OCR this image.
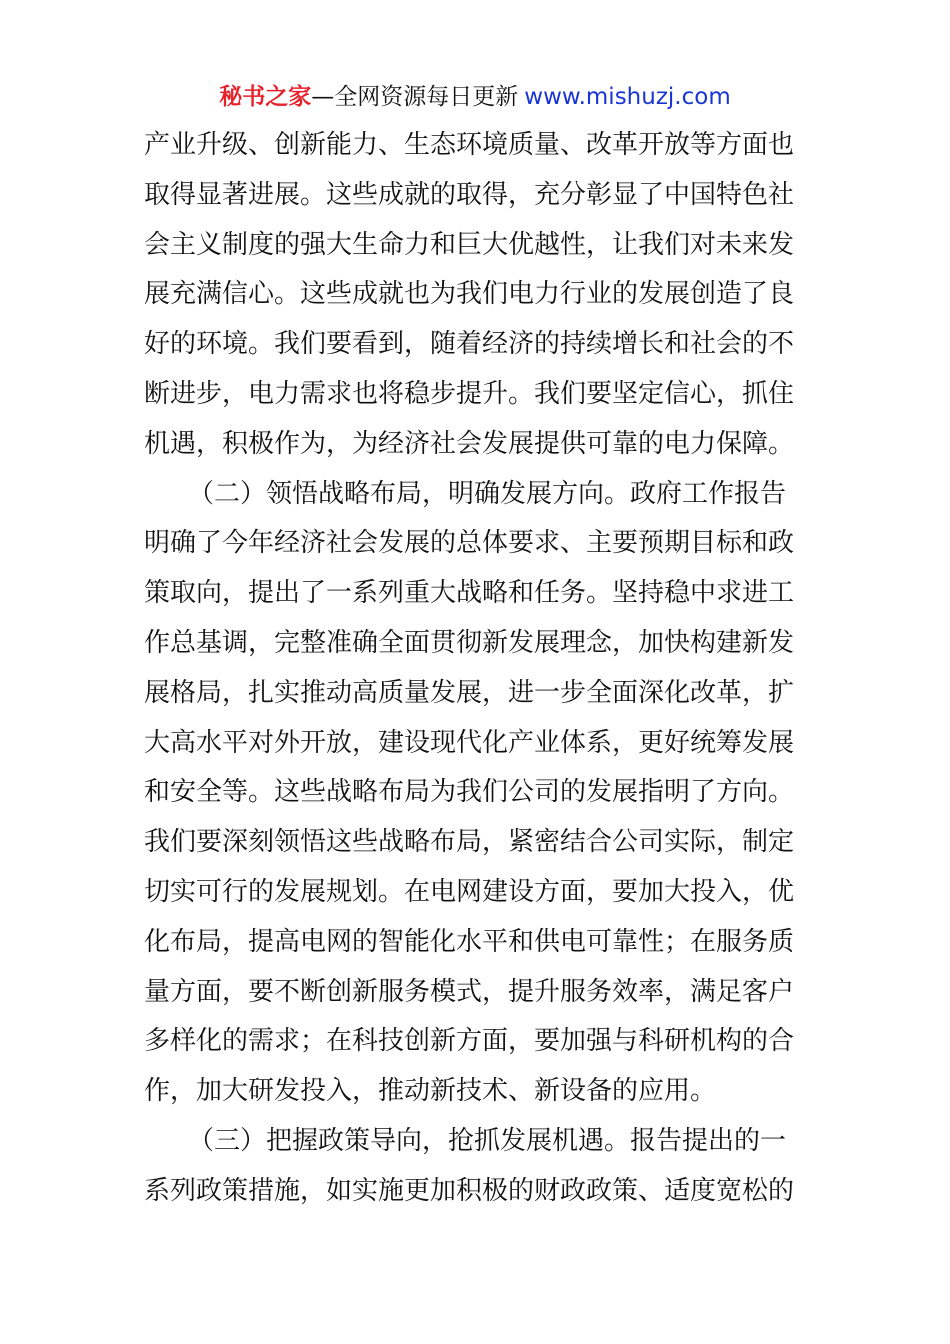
秘书之家—全网资源每日更新 www.mishuzj.com
产业升级、创新能力、生态环境质量、改革开放等方面也
取得显著进展。这些成就的取得，充分彰显了中国特色社
会主义制度的强大生命力和巨大优越性，让我们对未来发
展充满信心。这些成就也为我们电力行业的发展创造了良
好的环境。我们要看到，随着经济的持续增长和社会的不
断进步，电力需求也将稳步提升。我们要坚定信心，抓住
机遇，积极作为，为经济社会发展提供可靠的电力保障。
（二）领悟战略布局，明确发展方向。政府工作报告
明确了今年经济社会发展的总体要求、主要预期目标和政
策取向，提出了一系列重大战略和任务。坚持稳中求进工
作总基调，完整准确全面贯彻新发展理念，加快构建新发
展格局，扎实推动高质量发展，进一步全面深化改革，扩
大高水平对外开放，建设现代化产业体系，更好统筹发展
和安全等。这些战略布局为我们公司的发展指明了方向。
我们要深刻领悟这些战略布局，紧密结合公司实际，制定
切实可行的发展规划。在电网建设方面，要加大投入，优
化布局，提高电网的智能化水平和供电可靠性；在服务质
量方面，要不断创新服务模式，提升服务效率，满足客户
多样化的需求；在科技创新方面，要加强与科研机构的合
作，加大研发投入，推动新技术、新设备的应用。
（三）把握政策导向，抢抓发展机遇。报告提出的一
系列政策措施，如实施更加积极的财政政策、适度宽松的
